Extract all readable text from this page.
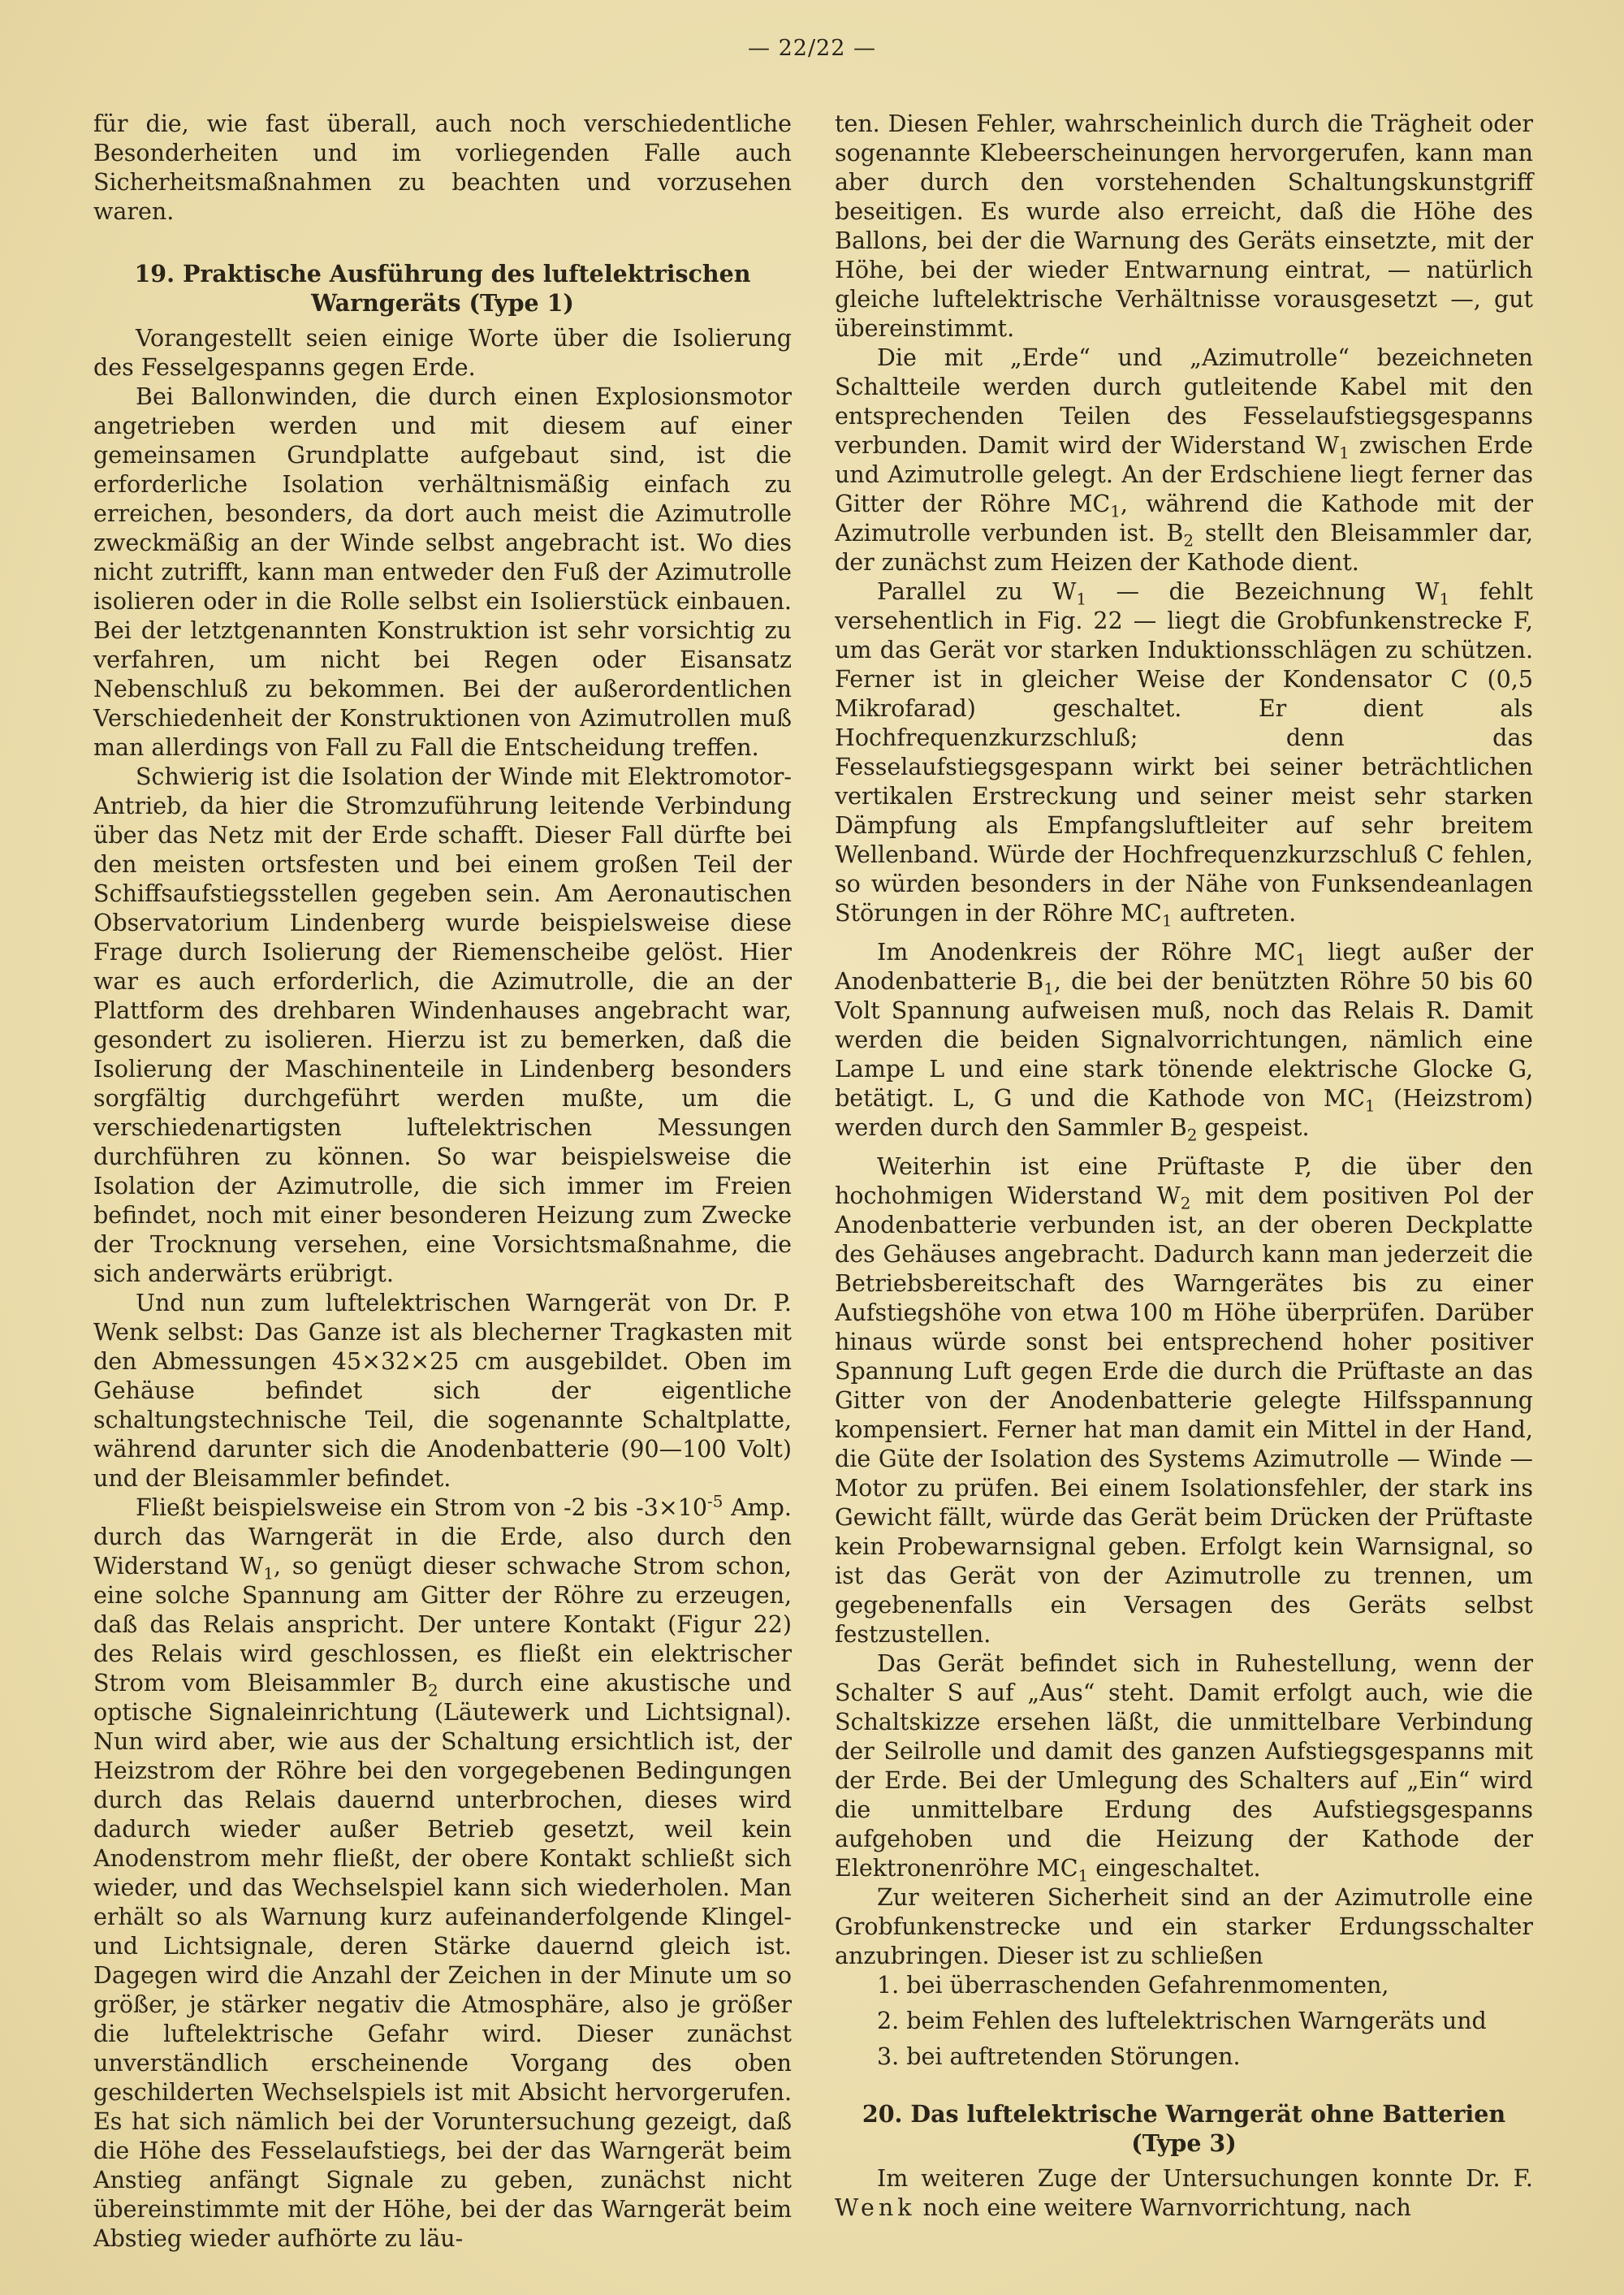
— 22/22 —

für die, wie fast überall, auch noch verschiedentliche Besonderheiten und im vorliegenden Falle auch Sicherheitsmaßnahmen zu beachten und vorzusehen waren.

19. Praktische Ausführung des luftelektrischen Warngeräts (Type 1)

Vorangestellt seien einige Worte über die Isolierung des Fesselgespanns gegen Erde.

Bei Ballonwinden, die durch einen Explosionsmotor angetrieben werden und mit diesem auf einer gemeinsamen Grundplatte aufgebaut sind, ist die erforderliche Isolation verhältnismäßig einfach zu erreichen, besonders, da dort auch meist die Azimutrolle zweckmäßig an der Winde selbst angebracht ist. Wo dies nicht zutrifft, kann man entweder den Fuß der Azimutrolle isolieren oder in die Rolle selbst ein Isolierstück einbauen. Bei der letztgenannten Konstruktion ist sehr vorsichtig zu verfahren, um nicht bei Regen oder Eisansatz Nebenschluß zu bekommen. Bei der außerordentlichen Verschiedenheit der Konstruktionen von Azimutrollen muß man allerdings von Fall zu Fall die Entscheidung treffen.

Schwierig ist die Isolation der Winde mit Elektromotor-Antrieb, da hier die Stromzuführung leitende Verbindung über das Netz mit der Erde schafft. Dieser Fall dürfte bei den meisten ortsfesten und bei einem großen Teil der Schiffsaufstiegsstellen gegeben sein. Am Aeronautischen Observatorium Lindenberg wurde beispielsweise diese Frage durch Isolierung der Riemenscheibe gelöst. Hier war es auch erforderlich, die Azimutrolle, die an der Plattform des drehbaren Windenhauses angebracht war, gesondert zu isolieren. Hierzu ist zu bemerken, daß die Isolierung der Maschinenteile in Lindenberg besonders sorgfältig durchgeführt werden mußte, um die verschiedenartigsten luftelektrischen Messungen durchführen zu können. So war beispielsweise die Isolation der Azimutrolle, die sich immer im Freien befindet, noch mit einer besonderen Heizung zum Zwecke der Trocknung versehen, eine Vorsichtsmaßnahme, die sich anderwärts erübrigt.

Und nun zum luftelektrischen Warngerät von Dr. P. Wenk selbst: Das Ganze ist als blecherner Tragkasten mit den Abmessungen 45×32×25 cm ausgebildet. Oben im Gehäuse befindet sich der eigentliche schaltungstechnische Teil, die sogenannte Schaltplatte, während darunter sich die Anodenbatterie (90—100 Volt) und der Bleisammler befindet.

Fließt beispielsweise ein Strom von -2 bis $-3\times 10^{-5}$ Amp. durch das Warngerät in die Erde, also durch den Widerstand $W_1$, so genügt dieser schwache Strom schon, eine solche Spannung am Gitter der Röhre zu erzeugen, daß das Relais anspricht. Der untere Kontakt (Figur 22) des Relais wird geschlossen, es fließt ein elektrischer Strom vom Bleisammler $B_2$ durch eine akustische und optische Signaleinrichtung (Läutewerk und Lichtsignal). Nun wird aber, wie aus der Schaltung ersichtlich ist, der Heizstrom der Röhre bei den vorgegebenen Bedingungen durch das Relais dauernd unterbrochen, dieses wird dadurch wieder außer Betrieb gesetzt, weil kein Anodenstrom mehr fließt, der obere Kontakt schließt sich wieder, und das Wechselspiel kann sich wiederholen. Man erhält so als Warnung kurz aufeinanderfolgende Klingel- und Lichtsignale, deren Stärke dauernd gleich ist. Dagegen wird die Anzahl der Zeichen in der Minute um so größer, je stärker negativ die Atmosphäre, also je größer die luftelektrische Gefahr wird. Dieser zunächst unverständlich erscheinende Vorgang des oben geschilderten Wechselspiels ist mit Absicht hervorgerufen. Es hat sich nämlich bei der Voruntersuchung gezeigt, daß die Höhe des Fesselaufstiegs, bei der das Warngerät beim Anstieg anfängt Signale zu geben, zunächst nicht übereinstimmte mit der Höhe, bei der das Warngerät beim Abstieg wieder aufhörte zu läu-

ten. Diesen Fehler, wahrscheinlich durch die Trägheit oder sogenannte Klebeerscheinungen hervorgerufen, kann man aber durch den vorstehenden Schaltungskunstgriff beseitigen. Es wurde also erreicht, daß die Höhe des Ballons, bei der die Warnung des Geräts einsetzte, mit der Höhe, bei der wieder Entwarnung eintrat, — natürlich gleiche luftelektrische Verhältnisse vorausgesetzt —, gut übereinstimmt.

Die mit „Erde“ und „Azimutrolle“ bezeichneten Schaltteile werden durch gutleitende Kabel mit den entsprechenden Teilen des Fesselaufstiegsgespanns verbunden. Damit wird der Widerstand $W_1$ zwischen Erde und Azimutrolle gelegt. An der Erdschiene liegt ferner das Gitter der Röhre $MC_1$, während die Kathode mit der Azimutrolle verbunden ist. $B_2$ stellt den Bleisammler dar, der zunächst zum Heizen der Kathode dient.

Parallel zu $W_1$ — die Bezeichnung $W_1$ fehlt versehentlich in Fig. 22 — liegt die Grobfunkenstrecke F, um das Gerät vor starken Induktionsschlägen zu schützen. Ferner ist in gleicher Weise der Kondensator C (0,5 Mikrofarad) geschaltet. Er dient als Hochfrequenzkurzschluß; denn das Fesselaufstiegsgespann wirkt bei seiner beträchtlichen vertikalen Erstreckung und seiner meist sehr starken Dämpfung als Empfangsluftleiter auf sehr breitem Wellenband. Würde der Hochfrequenzkurzschluß C fehlen, so würden besonders in der Nähe von Funksendeanlagen Störungen in der Röhre $MC_1$ auftreten.

Im Anodenkreis der Röhre $MC_1$ liegt außer der Anodenbatterie $B_1$, die bei der benützten Röhre 50 bis 60 Volt Spannung aufweisen muß, noch das Relais R. Damit werden die beiden Signalvorrichtungen, nämlich eine Lampe L und eine stark tönende elektrische Glocke G, betätigt. L, G und die Kathode von $MC_1$ (Heizstrom) werden durch den Sammler $B_2$ gespeist.

Weiterhin ist eine Prüftaste P, die über den hochohmigen Widerstand $W_2$ mit dem positiven Pol der Anodenbatterie verbunden ist, an der oberen Deckplatte des Gehäuses angebracht. Dadurch kann man jederzeit die Betriebsbereitschaft des Warngerätes bis zu einer Aufstiegshöhe von etwa 100 m Höhe überprüfen. Darüber hinaus würde sonst bei entsprechend hoher positiver Spannung Luft gegen Erde die durch die Prüftaste an das Gitter von der Anodenbatterie gelegte Hilfsspannung kompensiert. Ferner hat man damit ein Mittel in der Hand, die Güte der Isolation des Systems Azimutrolle — Winde — Motor zu prüfen. Bei einem Isolationsfehler, der stark ins Gewicht fällt, würde das Gerät beim Drücken der Prüftaste kein Probewarnsignal geben. Erfolgt kein Warnsignal, so ist das Gerät von der Azimutrolle zu trennen, um gegebenenfalls ein Versagen des Geräts selbst festzustellen.

Das Gerät befindet sich in Ruhestellung, wenn der Schalter S auf „Aus“ steht. Damit erfolgt auch, wie die Schaltskizze ersehen läßt, die unmittelbare Verbindung der Seilrolle und damit des ganzen Aufstiegsgespanns mit der Erde. Bei der Umlegung des Schalters auf „Ein“ wird die unmittelbare Erdung des Aufstiegsgespanns aufgehoben und die Heizung der Kathode der Elektronenröhre $MC_1$ eingeschaltet.

Zur weiteren Sicherheit sind an der Azimutrolle eine Grobfunkenstrecke und ein starker Erdungsschalter anzubringen. Dieser ist zu schließen

1. bei überraschenden Gefahrenmomenten,
2. beim Fehlen des luftelektrischen Warngeräts und
3. bei auftretenden Störungen.
20. Das luftelektrische Warngerät ohne Batterien (Type 3)

Im weiteren Zuge der Untersuchungen konnte Dr. F. Wenk noch eine weitere Warnvorrichtung, nach
